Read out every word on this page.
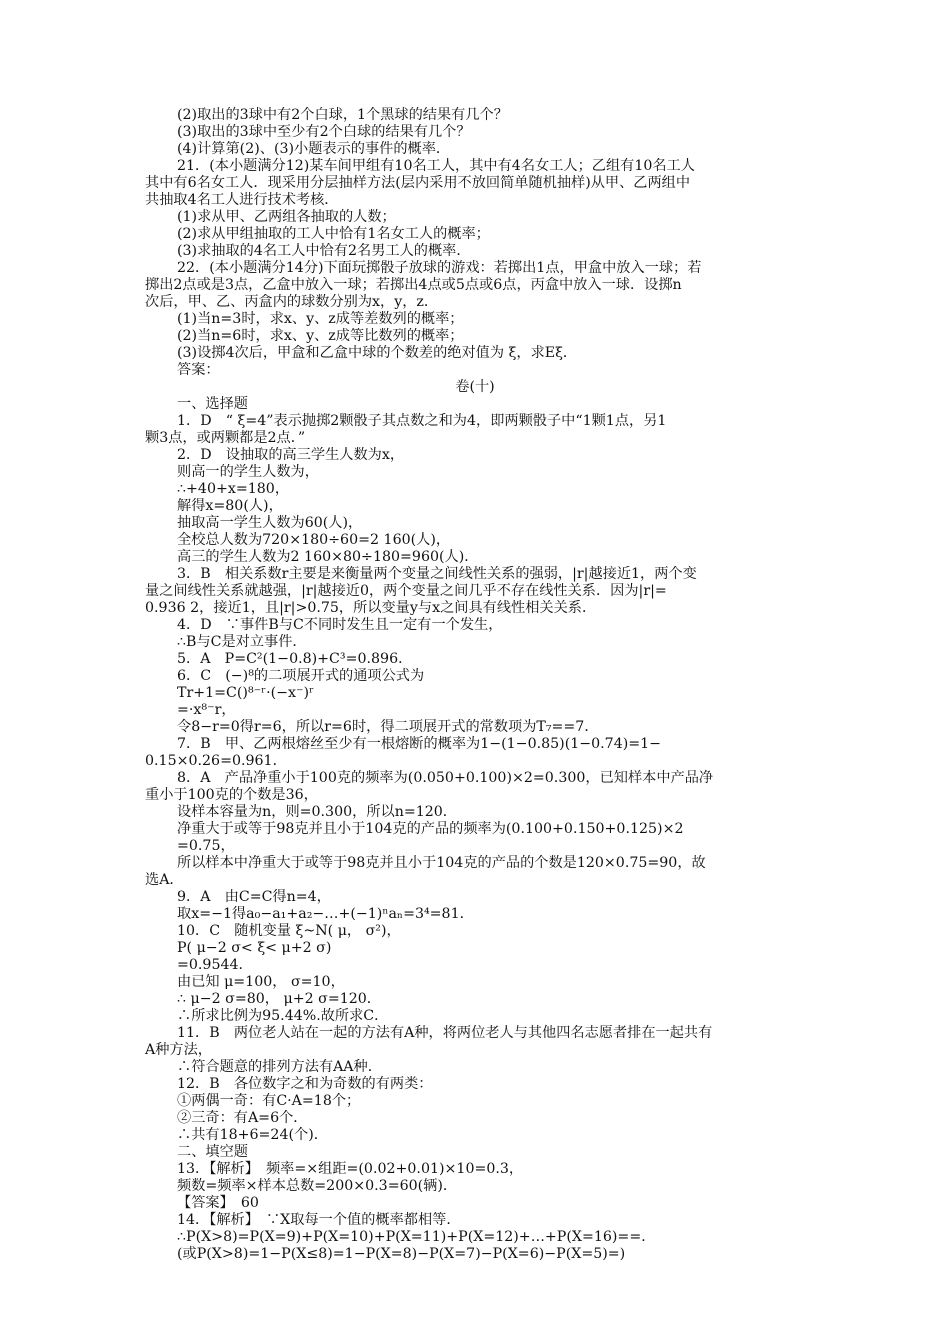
(2)取出的3球中有2个白球，1个黑球的结果有几个？
(3)取出的3球中至少有2个白球的结果有几个？
(4)计算第(2)、(3)小题表示的事件的概率．
21．(本小题满分12)某车间甲组有10名工人，其中有4名女工人；乙组有10名工人
其中有6名女工人．现采用分层抽样方法(层内采用不放回简单随机抽样)从甲、乙两组中
共抽取4名工人进行技术考核．
(1)求从甲、乙两组各抽取的人数；
(2)求从甲组抽取的工人中恰有1名女工人的概率；
(3)求抽取的4名工人中恰有2名男工人的概率．
22．(本小题满分14分)下面玩掷骰子放球的游戏：若掷出1点，甲盒中放入一球；若
掷出2点或是3点，乙盒中放入一球；若掷出4点或5点或6点，丙盒中放入一球．设掷n
次后，甲、乙、丙盒内的球数分别为x，y，z．
(1)当n=3时，求x、y、z成等差数列的概率；
(2)当n=6时，求x、y、z成等比数列的概率；
(3)设掷4次后，甲盒和乙盒中球的个数差的绝对值为 ξ，求Eξ．
答案：
卷(十)
一、选择题
1．D　“ ξ=4”表示抛掷2颗骰子其点数之和为4，即两颗骰子中“1颗1点，另1
颗3点，或两颗都是2点．”
2．D　设抽取的高三学生人数为x，
则高一的学生人数为，
∴+40+x=180，
解得x=80(人)，
抽取高一学生人数为60(人)，
全校总人数为720×180÷60=2 160(人)，
高三的学生人数为2 160×80÷180=960(人)．
3．B　相关系数r主要是来衡量两个变量之间线性关系的强弱，|r|越接近1，两个变
量之间线性关系就越强，|r|越接近0，两个变量之间几乎不存在线性关系．因为|r|=
0.936 2，接近1，且|r|>0.75，所以变量y与x之间具有线性相关关系．
4．D　∵事件B与C不同时发生且一定有一个发生，
∴B与C是对立事件．
5．A　P=C²(1−0.8)+C³=0.896．
6．C　(−)⁸的二项展开式的通项公式为
Tr+1=C()⁸⁻ʳ·(−x⁻)ʳ
=·x⁸⁻r，
令8−r=0得r=6，所以r=6时，得二项展开式的常数项为T₇==7．
7．B　甲、乙两根熔丝至少有一根熔断的概率为1−(1−0.85)(1−0.74)=1−
0.15×0.26=0.961．
8．A　产品净重小于100克的频率为(0.050+0.100)×2=0.300，已知样本中产品净
重小于100克的个数是36，
设样本容量为n，则=0.300，所以n=120．
净重大于或等于98克并且小于104克的产品的频率为(0.100+0.150+0.125)×2
=0.75，
所以样本中净重大于或等于98克并且小于104克的产品的个数是120×0.75=90，故
选A．
9．A　由C=C得n=4，
取x=−1得a₀−a₁+a₂−…+(−1)ⁿaₙ=3⁴=81．
10．C　随机变量 ξ~N( μ， σ²)，
P( μ−2 σ< ξ< μ+2 σ)
=0.9544．
由已知 μ=100， σ=10，
∴ μ−2 σ=80， μ+2 σ=120．
∴所求比例为95.44%.故所求C．
11．B　两位老人站在一起的方法有A种，将两位老人与其他四名志愿者排在一起共有
A种方法，
∴符合题意的排列方法有AA种．
12．B　各位数字之和为奇数的有两类：
①两偶一奇：有C·A=18个；
②三奇：有A=6个．
∴共有18+6=24(个)．
二、填空题
13．【解析】　频率=×组距=(0.02+0.01)×10=0.3，
频数=频率×样本总数=200×0.3=60(辆)．
【答案】　60
14．【解析】　∵X取每一个值的概率都相等．
∴P(X>8)=P(X=9)+P(X=10)+P(X=11)+P(X=12)+…+P(X=16)==．
(或P(X>8)=1−P(X≤8)=1−P(X=8)−P(X=7)−P(X=6)−P(X=5)=)
